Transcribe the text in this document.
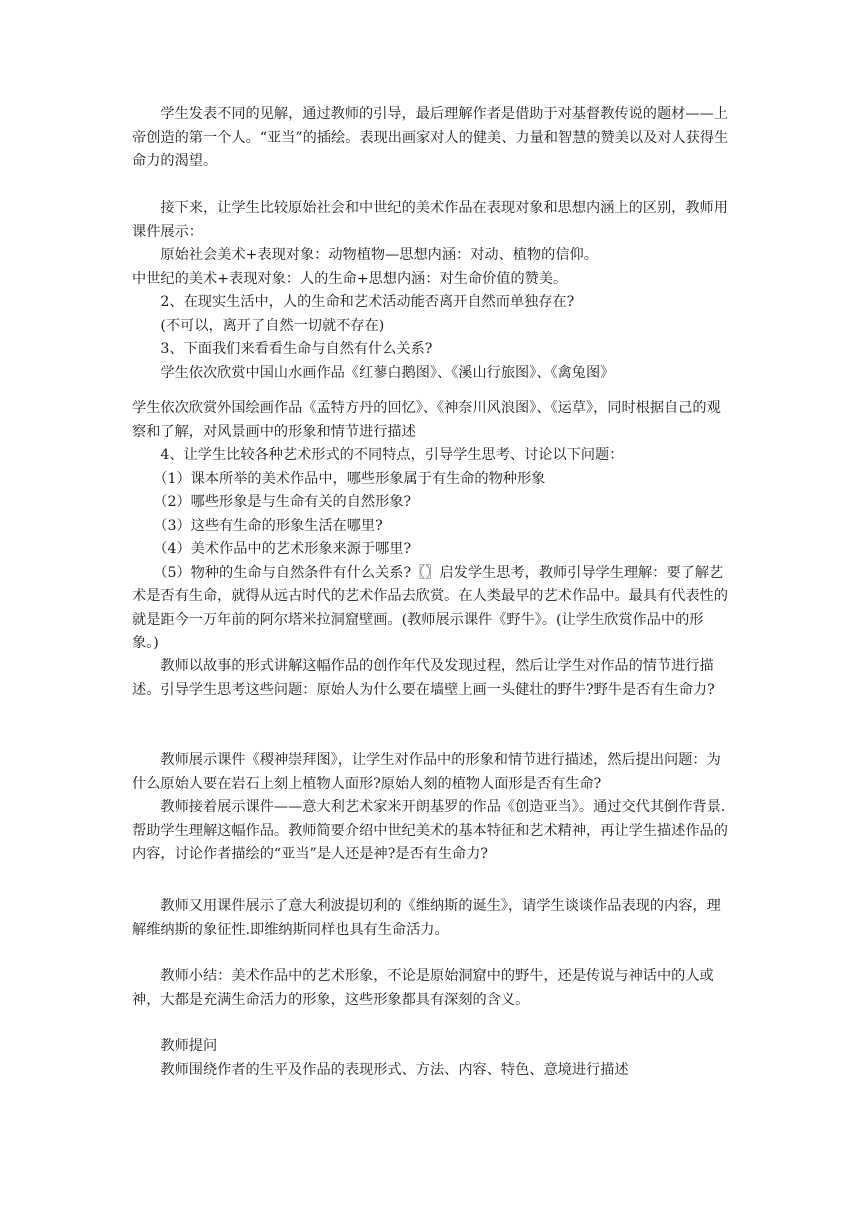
　　学生发表不同的见解，通过教师的引导，最后理解作者是借助于对基督教传说的题材——上帝创造的第一个人。“亚当”的插绘。表现出画家对人的健美、力量和智慧的赞美以及对人获得生命力的渴望。
　　接下来，让学生比较原始社会和中世纪的美术作品在表现对象和思想内涵上的区别，教师用课件展示：
　　原始社会美术+表现对象：动物植物—思想内涵：对动、植物的信仰。
中世纪的美术+表现对象：人的生命+思想内涵：对生命价值的赞美。
　　2、在现实生活中，人的生命和艺术活动能否离开自然而单独存在?
　　(不可以，离开了自然一切就不存在)
　　3、下面我们来看看生命与自然有什么关系?
　　学生依次欣赏中国山水画作品《红蓼白鹅图》、《溪山行旅图》、《禽兔图》
学生依次欣赏外国绘画作品《孟特方丹的回忆》、《神奈川风浪图》、《运草》，同时根据自己的观察和了解，对风景画中的形象和情节进行描述
　　4、让学生比较各种艺术形式的不同特点，引导学生思考、讨论以下问题：
　　（1）课本所举的美术作品中，哪些形象属于有生命的物种形象
　　（2）哪些形象是与生命有关的自然形象?
　　（3）这些有生命的形象生活在哪里?
　　（4）美术作品中的艺术形象来源于哪里?
　　（5）物种的生命与自然条件有什么关系?〖〗启发学生思考，教师引导学生理解：要了解艺术是否有生命，就得从远古时代的艺术作品去欣赏。在人类最早的艺术作品中。最具有代表性的就是距今一万年前的阿尔塔米拉洞窟壁画。(教师展示课件《野牛》。(让学生欣赏作品中的形象。)
　　教师以故事的形式讲解这幅作品的创作年代及发现过程，然后让学生对作品的情节进行描述。引导学生思考这些问题：原始人为什么要在墙壁上画一头健壮的野牛?野牛是否有生命力?
　　教师展示课件《稷神崇拜图》，让学生对作品中的形象和情节进行描述，然后提出问题：为什么原始人要在岩石上刻上植物人面形?原始人刻的植物人面形是否有生命?
　　教师接着展示课件——意大利艺术家米开朗基罗的作品《创造亚当》。通过交代其倒作背景.帮助学生理解这幅作品。教师简要介绍中世纪美术的基本特征和艺术精神，再让学生描述作品的内容，讨论作者描绘的“亚当”是人还是神?是否有生命力?
　　教师又用课件展示了意大利波提切利的《维纳斯的诞生》，请学生谈谈作品表现的内容，理解维纳斯的象征性.即维纳斯同样也具有生命活力。
　　教师小结：美术作品中的艺术形象，不论是原始洞窟中的野牛，还是传说与神话中的人或神，大都是充满生命活力的形象，这些形象都具有深刻的含义。
　　教师提问
　　教师围绕作者的生平及作品的表现形式、方法、内容、特色、意境进行描述
